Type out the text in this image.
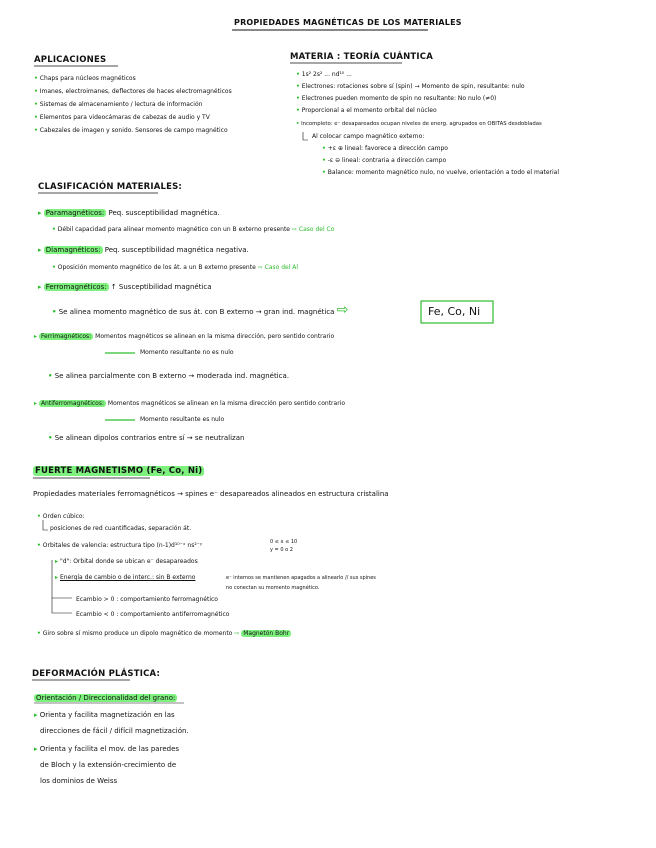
PROPIEDADES MAGNÉTICAS DE LOS MATERIALES
APLICACIONES
• Chaps para núcleos magnéticos
• Imanes, electroimanes, deflectores de haces electromagnéticos
• Sistemas de almacenamiento / lectura de información
• Elementos para videocámaras de cabezas de audio y TV
• Cabezales de imagen y sonido. Sensores de campo magnético
MATERIA : TEORÍA CUÁNTICA
• 1s² 2s² ... nd¹⁰ ...
• Electrones: rotaciones sobre sí (spin) → Momento de spin, resultante: nulo
• Electrones pueden momento de spin no resultante: No nulo (≠0)
• Proporcional a el momento orbital del núcleo
• Incompleto: e⁻ desapareados ocupan niveles de energ. agrupados en OBITAS desdobladas
Al colocar campo magnético externo:
• +ε ⊕ lineal: favorece a dirección campo
• -ε ⊖ lineal: contraria a dirección campo
• Balance: momento magnético nulo, no vuelve, orientación a todo el material
CLASIFICACIÓN MATERIALES:
▸ Paramagnéticos: Peq. susceptibilidad magnética.
• Débil capacidad para alinear momento magnético con un B externo presente ⇨ Caso del Co
▸ Diamagnéticos: Peq. susceptibilidad magnética negativa.
• Oposición momento magnético de los át. a un B externo presente ⇨ Caso del Al
▸ Ferromagnéticos: ↑ Susceptibilidad magnética
• Se alinea momento magnético de sus át. con B externo → gran ind. magnética ⇨	Fe, Co, Ni
▸ Ferrimagnéticos: Momentos magnéticos se alinean en la misma dirección, pero sentido contrario
Momento resultante no es nulo
• Se alinea parcialmente con B externo → moderada ind. magnética.
▸ Antiferromagnéticos: Momentos magnéticos se alinean en la misma dirección pero sentido contrario
Momento resultante es nulo
• Se alinean dipolos contrarios entre sí → se neutralizan
FUERTE MAGNETISMO (Fe, Co, Ni)
Propiedades materiales ferromagnéticos → spines e⁻ desapareados alineados en estructura cristalina
• Orden cúbico:
posiciones de red cuantificadas, separación át.
• Orbitales de valencia: estructura tipo (n-1)d¹⁰⁻ˣ ns²⁻ʸ	0 ≤ x ≤ 10
y = 0 o 2
▸ "d": Orbital donde se ubican e⁻ desapareados
▸ Energía de cambio o de interc.: sin B externo	e⁻ internos se mantienen apagados a alinearlo // sus spines
no conectan su momento magnético.
Ecambio > 0 : comportamiento ferromagnético
Ecambio < 0 : comportamiento antiferromagnético
• Giro sobre sí mismo produce un dipolo magnético de momento ⇨ Magnetón Bohr
DEFORMACIÓN PLÁSTICA:
Orientación / Direccionalidad del grano:
▸ Orienta y facilita magnetización en las
direcciones de fácil / difícil magnetización.
▸ Orienta y facilita el mov. de las paredes
de Bloch y la extensión-crecimiento de
los dominios de Weiss
